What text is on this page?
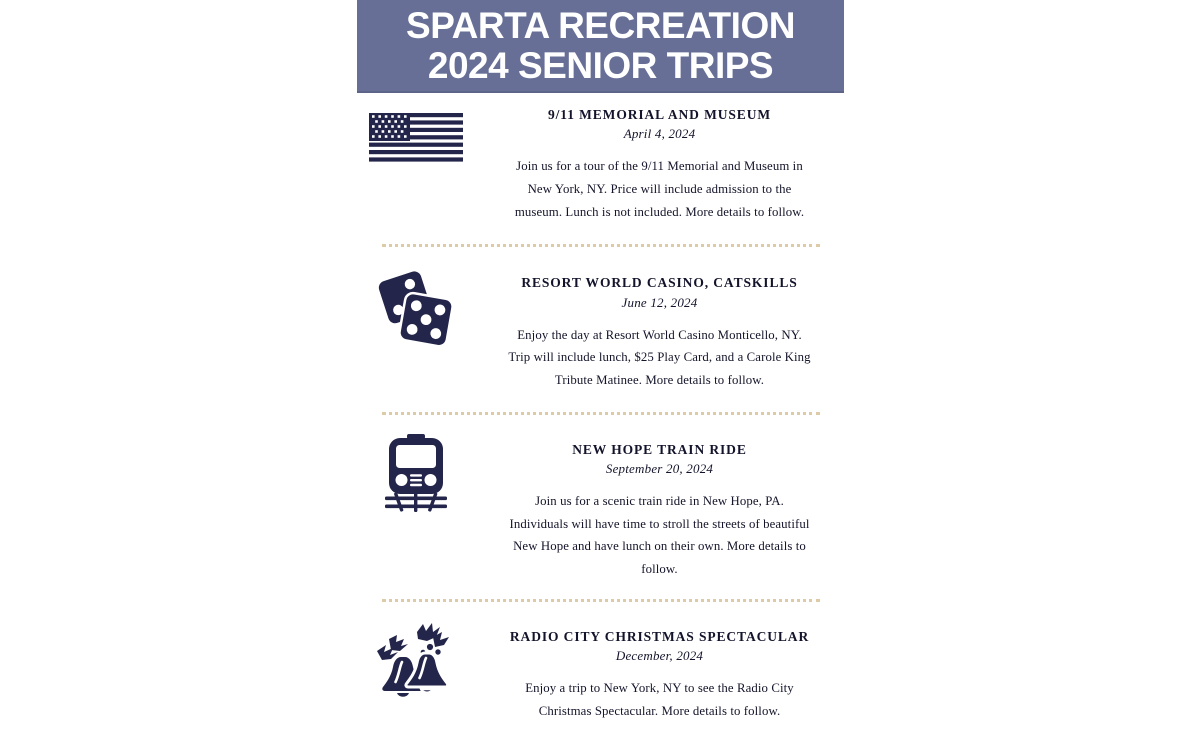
SPARTA RECREATION
2024 SENIOR TRIPS
9/11 MEMORIAL AND MUSEUM
April 4, 2024
Join us for a tour of the 9/11 Memorial and Museum in New York, NY. Price will include admission to the museum. Lunch is not included. More details to follow.
RESORT WORLD CASINO, CATSKILLS
June 12, 2024
Enjoy the day at Resort World Casino Monticello, NY. Trip will include lunch, $25 Play Card, and a Carole King Tribute Matinee. More details to follow.
NEW HOPE TRAIN RIDE
September 20, 2024
Join us for a scenic train ride in New Hope, PA. Individuals will have time to stroll the streets of beautiful New Hope and have lunch on their own. More details to follow.
RADIO CITY CHRISTMAS SPECTACULAR
December, 2024
Enjoy a trip to New York, NY to see the Radio City Christmas Spectacular. More details to follow.
